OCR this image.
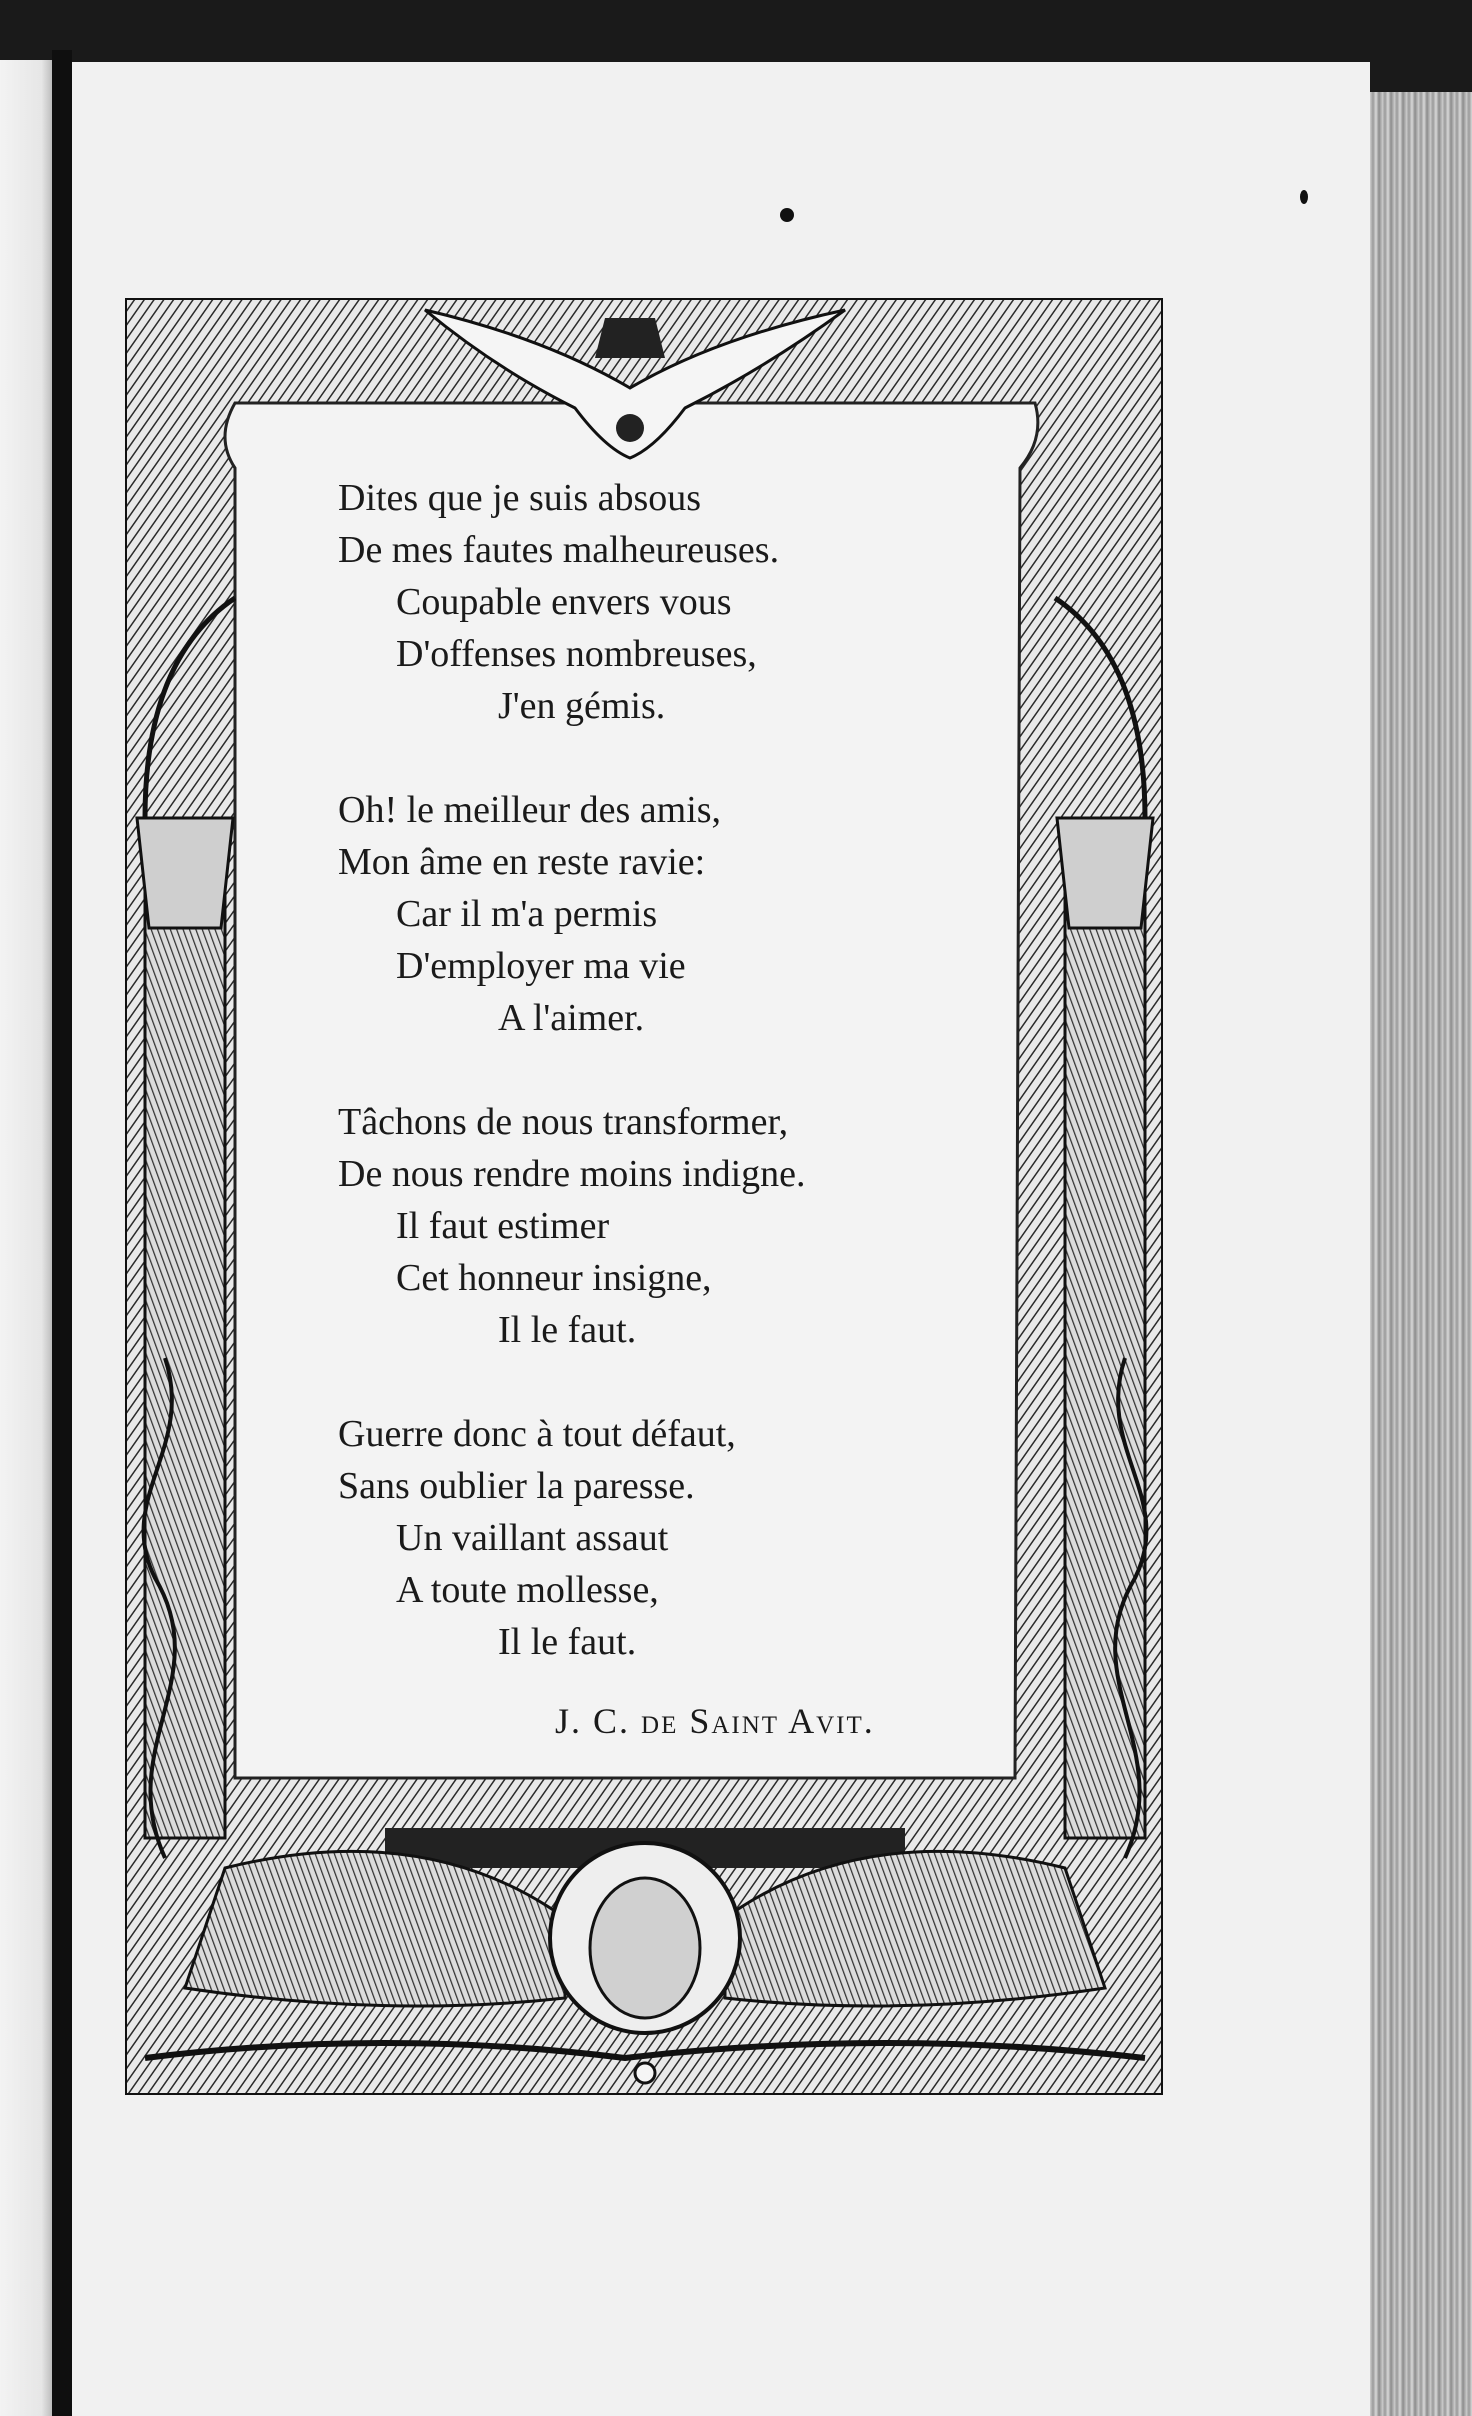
Dites que je suis absous
De mes fautes malheureuses.
Coupable envers vous
D'offenses nombreuses,
J'en gémis.
Oh! le meilleur des amis,
Mon âme en reste ravie:
Car il m'a permis
D'employer ma vie
A l'aimer.
Tâchons de nous transformer,
De nous rendre moins indigne.
Il faut estimer
Cet honneur insigne,
Il le faut.
Guerre donc à tout défaut,
Sans oublier la paresse.
Un vaillant assaut
A toute mollesse,
Il le faut.
J. C. de Saint Avit.
